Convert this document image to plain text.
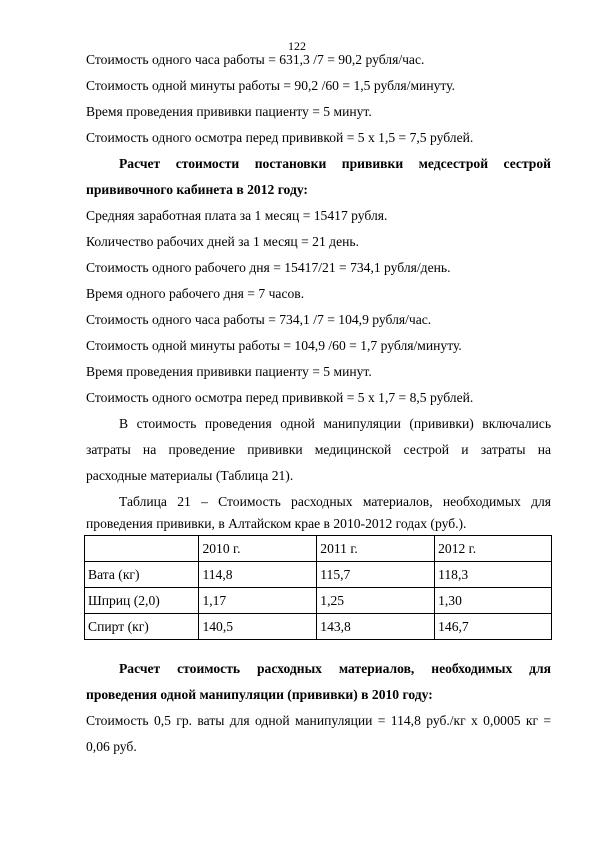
122
Стоимость одного часа работы = 631,3 /7 = 90,2 рубля/час.
Стоимость одной минуты работы = 90,2 /60 = 1,5 рубля/минуту.
Время проведения прививки пациенту = 5 минут.
Стоимость одного осмотра перед прививкой = 5 х 1,5 = 7,5 рублей.
Расчет стоимости постановки прививки медсестрой сестрой
прививочного кабинета в 2012 году:
Средняя заработная плата за 1 месяц = 15417 рубля.
Количество рабочих дней за 1 месяц = 21 день.
Стоимость одного рабочего дня = 15417/21 = 734,1 рубля/день.
Время одного рабочего дня = 7 часов.
Стоимость одного часа работы = 734,1 /7 = 104,9 рубля/час.
Стоимость одной минуты работы = 104,9 /60 = 1,7 рубля/минуту.
Время проведения прививки пациенту = 5 минут.
Стоимость одного осмотра перед прививкой = 5 х 1,7 = 8,5 рублей.
В стоимость проведения одной манипуляции (прививки) включались
затраты на проведение прививки медицинской сестрой и затраты на
расходные материалы (Таблица 21).
Таблица 21 – Стоимость расходных материалов, необходимых для
проведения прививки, в Алтайском крае в 2010-2012 годах (руб.).
	2010 г.	2011 г.	2012 г.
Вата (кг)	114,8	115,7	118,3
Шприц (2,0)	1,17	1,25	1,30
Спирт (кг)	140,5	143,8	146,7
Расчет стоимость расходных материалов, необходимых для
проведения одной манипуляции (прививки) в 2010 году:
Стоимость 0,5 гр. ваты для одной манипуляции = 114,8 руб./кг х 0,0005 кг =
0,06 руб.
